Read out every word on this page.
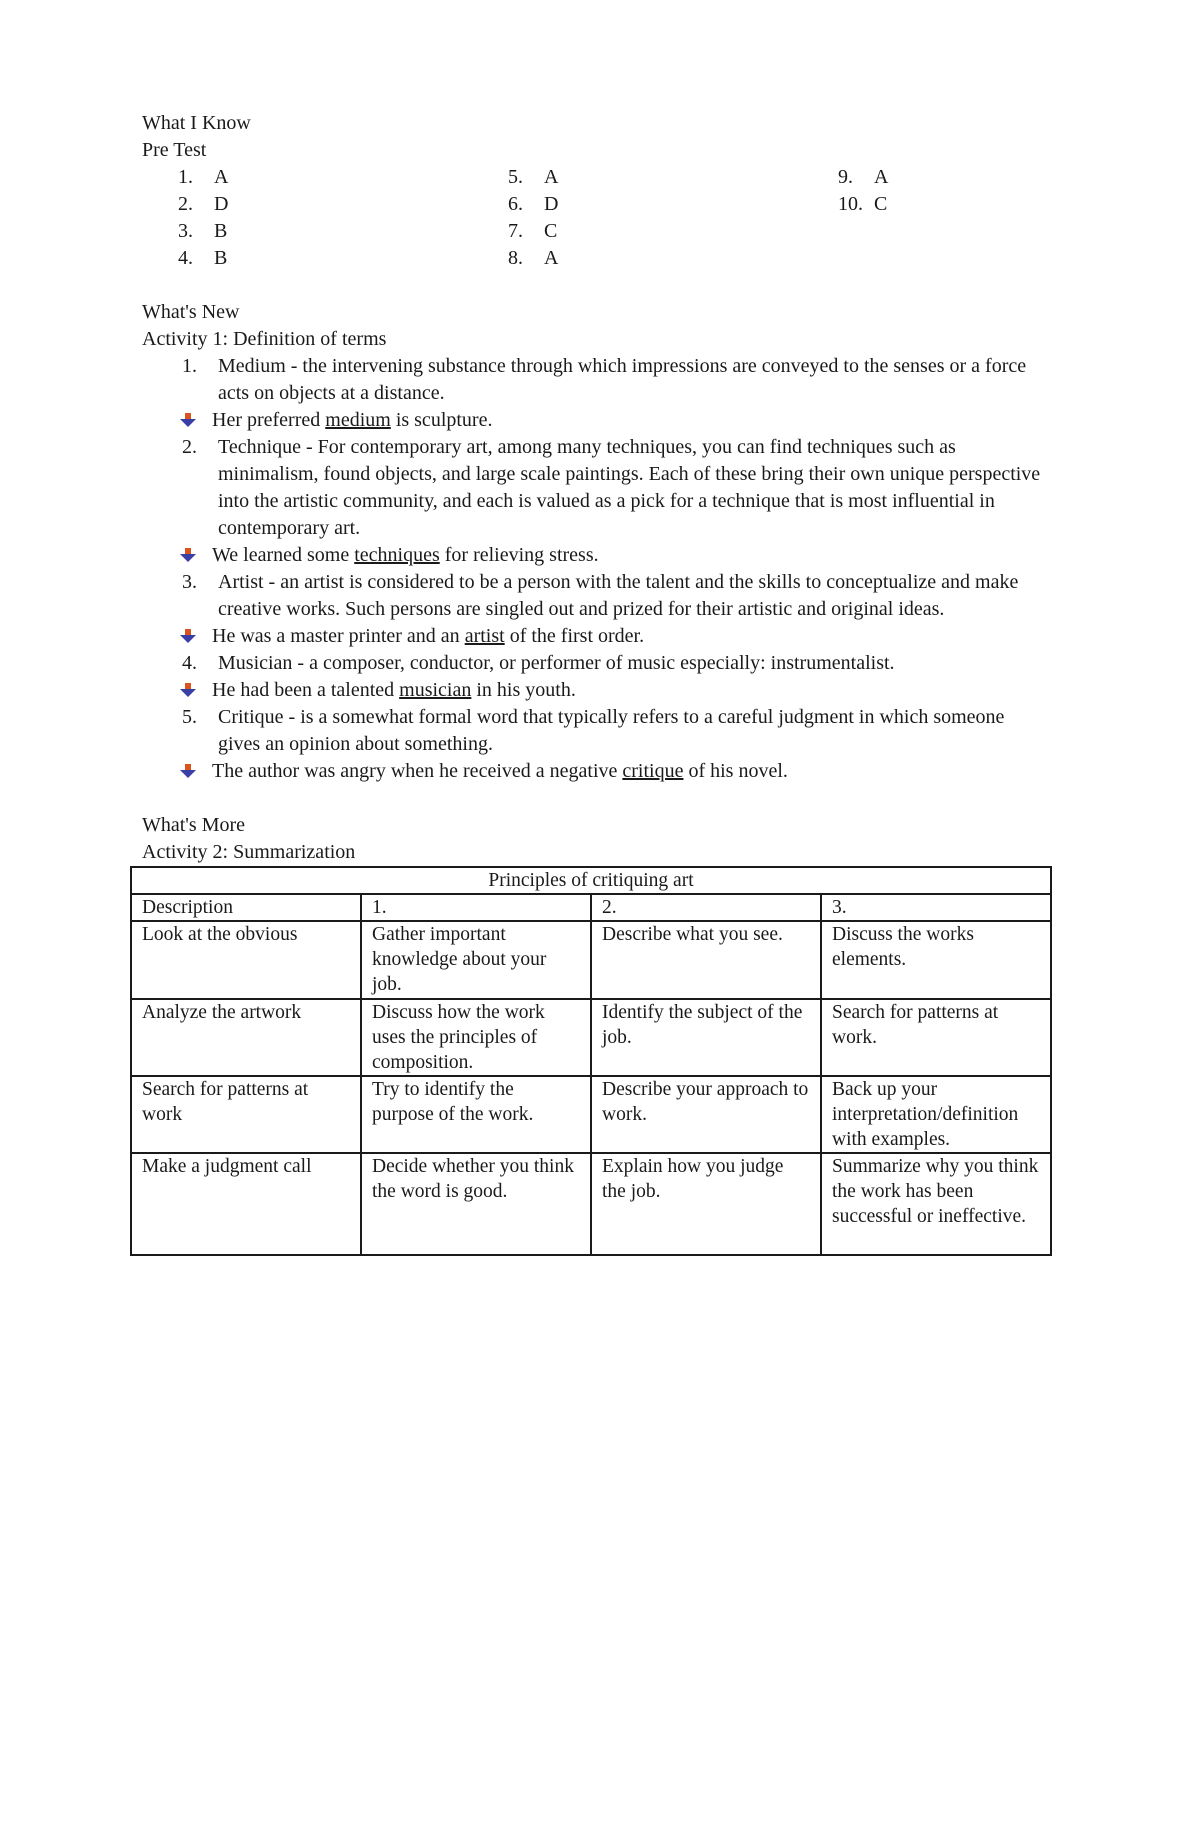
What I Know
Pre Test
1.	A
2.	D
3.	B
4.	B
5.	A
6.	D
7.	C
8.	A
9.	A
10. C
What's New
Activity 1: Definition of terms
1.	Medium - the intervening substance through which impressions are conveyed to the senses or a force acts on objects at a distance.
Her preferred medium is sculpture.
2.	Technique - For contemporary art, among many techniques, you can find techniques such as minimalism, found objects, and large scale paintings. Each of these bring their own unique perspective into the artistic community, and each is valued as a pick for a technique that is most influential in contemporary art.
We learned some techniques for relieving stress.
3.	Artist - an artist is considered to be a person with the talent and the skills to conceptualize and make creative works. Such persons are singled out and prized for their artistic and original ideas.
He was a master printer and an artist of the first order.
4.	Musician - a composer, conductor, or performer of music especially: instrumentalist.
He had been a talented musician in his youth.
5.	Critique - is a somewhat formal word that typically refers to a careful judgment in which someone gives an opinion about something.
The author was angry when he received a negative critique of his novel.
What's More
Activity 2: Summarization
Principles of critiquing art			
Description	1.	2.	3.
Look at the obvious	Gather important knowledge about your job.	Describe what you see.	Discuss the works elements.
Analyze the artwork	Discuss how the work uses the principles of composition.	Identify the subject of the job.	Search for patterns at work.
Search for patterns at work	Try to identify the purpose of the work.	Describe your approach to work.	Back up your interpretation/definition with examples.
Make a judgment call	Decide whether you think the word is good.	Explain how you judge the job.	Summarize why you think the work has been successful or ineffective.
